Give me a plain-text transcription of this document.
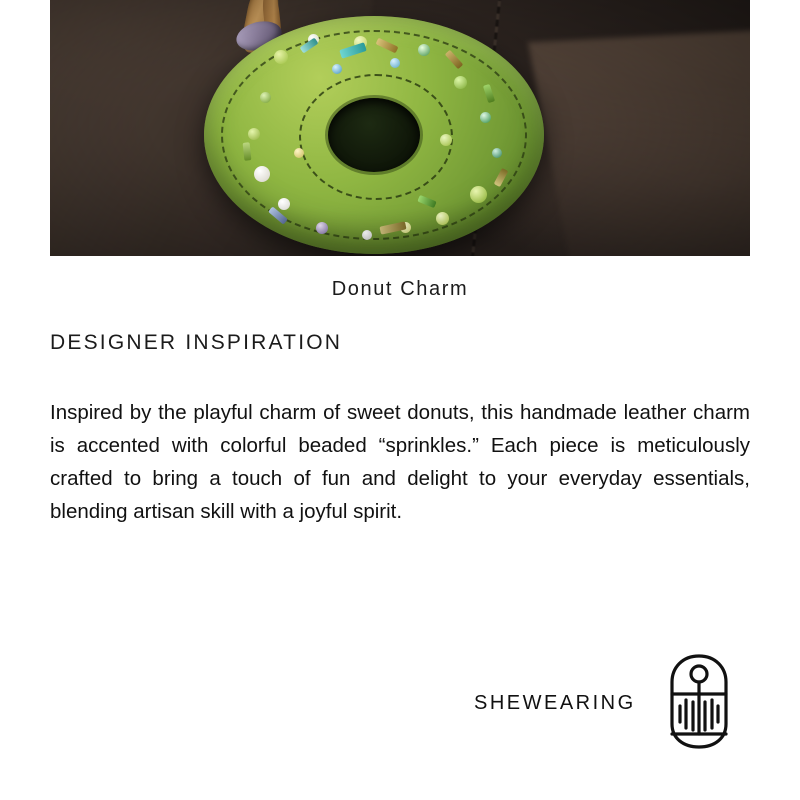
Donut Charm
DESIGNER INSPIRATION

Inspired by the playful charm of sweet donuts, this handmade leather charm is accented with colorful beaded “sprinkles.” Each piece is meticulously crafted to bring a touch of fun and delight to your everyday essentials, blending artisan skill with a joyful spirit.

SHEWEARING
